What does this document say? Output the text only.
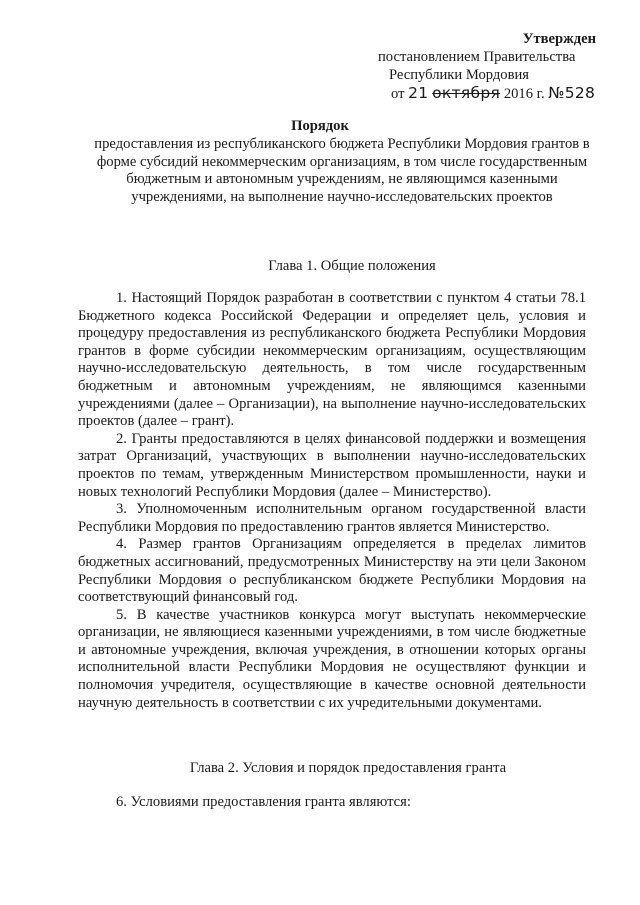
Утвержден
постановлением Правительства
Республики Мордовия
от 21 октября 2016 г. №528
Порядок
предоставления из республиканского бюджета Республики Мордовия грантов в форме субсидий некоммерческим организациям, в том числе государственным бюджетным и автономным учреждениям, не являющимся казенными учреждениями, на выполнение научно-исследовательских проектов
Глава 1. Общие положения

1. Настоящий Порядок разработан в соответствии с пунктом 4 статьи 78.1 Бюджетного кодекса Российской Федерации и определяет цель, условия и процедуру предоставления из республиканского бюджета Республики Мордовия грантов в форме субсидии некоммерческим организациям, осуществляющим научно-исследовательскую деятельность, в том числе государственным бюджетным и автономным учреждениям, не являющимся казенными учреждениями (далее – Организации), на выполнение научно-исследовательских проектов (далее – грант).

2. Гранты предоставляются в целях финансовой поддержки и возмещения затрат Организаций, участвующих в выполнении научно-исследовательских проектов по темам, утвержденным Министерством промышленности, науки и новых технологий Республики Мордовия (далее – Министерство).

3. Уполномоченным исполнительным органом государственной власти Республики Мордовия по предоставлению грантов является Министерство.

4. Размер грантов Организациям определяется в пределах лимитов бюджетных ассигнований, предусмотренных Министерству на эти цели Законом Республики Мордовия о республиканском бюджете Республики Мордовия на соответствующий финансовый год.

5. В качестве участников конкурса могут выступать некоммерческие организации, не являющиеся казенными учреждениями, в том числе бюджетные и автономные учреждения, включая учреждения, в отношении которых органы исполнительной власти Республики Мордовия не осуществляют функции и полномочия учредителя, осуществляющие в качестве основной деятельности научную деятельность в соответствии с их учредительными документами.

Глава 2. Условия и порядок предоставления гранта
6. Условиями предоставления гранта являются:
